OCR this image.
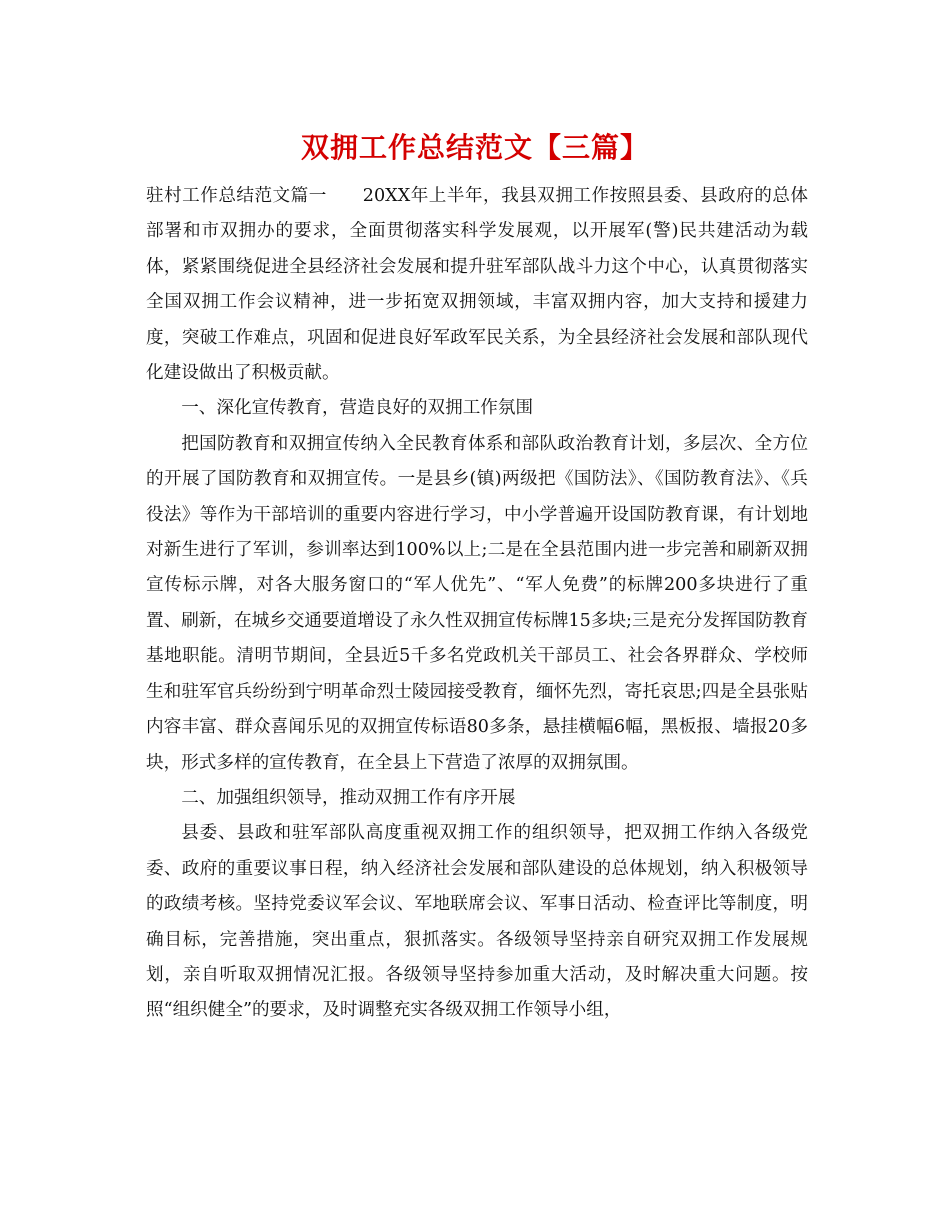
双拥工作总结范文【三篇】

驻村工作总结范文篇一 20XX年上半年，我县双拥工作按照县委、县政府的总体部署和市双拥办的要求，全面贯彻落实科学发展观，以开展军(警)民共建活动为载体，紧紧围绕促进全县经济社会发展和提升驻军部队战斗力这个中心，认真贯彻落实全国双拥工作会议精神，进一步拓宽双拥领域，丰富双拥内容，加大支持和援建力度，突破工作难点，巩固和促进良好军政军民关系，为全县经济社会发展和部队现代化建设做出了积极贡献。

一、深化宣传教育，营造良好的双拥工作氛围

把国防教育和双拥宣传纳入全民教育体系和部队政治教育计划，多层次、全方位的开展了国防教育和双拥宣传。一是县乡(镇)两级把《国防法》、《国防教育法》、《兵役法》等作为干部培训的重要内容进行学习，中小学普遍开设国防教育课，有计划地对新生进行了军训，参训率达到100%以上;二是在全县范围内进一步完善和刷新双拥宣传标示牌，对各大服务窗口的“军人优先”、“军人免费”的标牌200多块进行了重置、刷新，在城乡交通要道增设了永久性双拥宣传标牌15多块;三是充分发挥国防教育基地职能。清明节期间，全县近5千多名党政机关干部员工、社会各界群众、学校师生和驻军官兵纷纷到宁明革命烈士陵园接受教育，缅怀先烈，寄托哀思;四是全县张贴内容丰富、群众喜闻乐见的双拥宣传标语80多条，悬挂横幅6幅，黑板报、墙报20多块，形式多样的宣传教育，在全县上下营造了浓厚的双拥氛围。

二、加强组织领导，推动双拥工作有序开展

县委、县政和驻军部队高度重视双拥工作的组织领导，把双拥工作纳入各级党委、政府的重要议事日程，纳入经济社会发展和部队建设的总体规划，纳入积极领导的政绩考核。坚持党委议军会议、军地联席会议、军事日活动、检查评比等制度，明确目标，完善措施，突出重点，狠抓落实。各级领导坚持亲自研究双拥工作发展规划，亲自听取双拥情况汇报。各级领导坚持参加重大活动，及时解决重大问题。按照“组织健全”的要求，及时调整充实各级双拥工作领导小组，
